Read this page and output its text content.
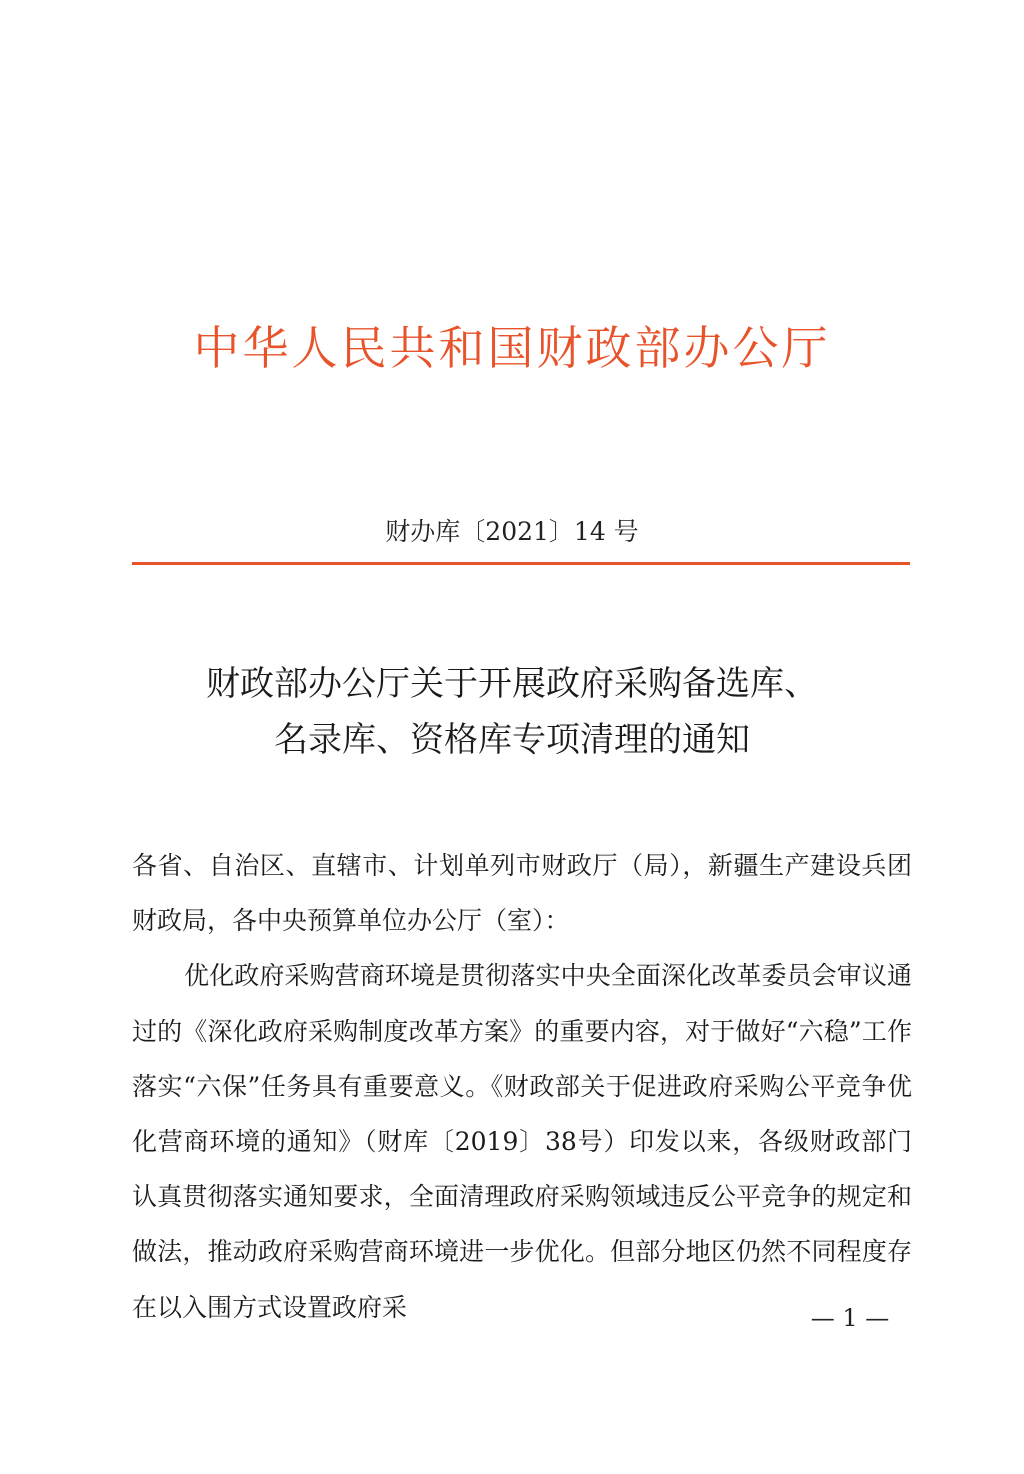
中华人民共和国财政部办公厅
财办库〔2021〕14 号
财政部办公厅关于开展政府采购备选库、
名录库、资格库专项清理的通知

各省、自治区、直辖市、计划单列市财政厅（局），新疆生产建设兵团财政局，各中央预算单位办公厅（室）：

优化政府采购营商环境是贯彻落实中央全面深化改革委员会审议通过的《深化政府采购制度改革方案》的重要内容，对于做好“六稳”工作落实“六保”任务具有重要意义。《财政部关于促进政府采购公平竞争优化营商环境的通知》（财库〔2019〕38号）印发以来，各级财政部门认真贯彻落实通知要求，全面清理政府采购领域违反公平竞争的规定和做法，推动政府采购营商环境进一步优化。但部分地区仍然不同程度存在以入围方式设置政府采	— 1 —
